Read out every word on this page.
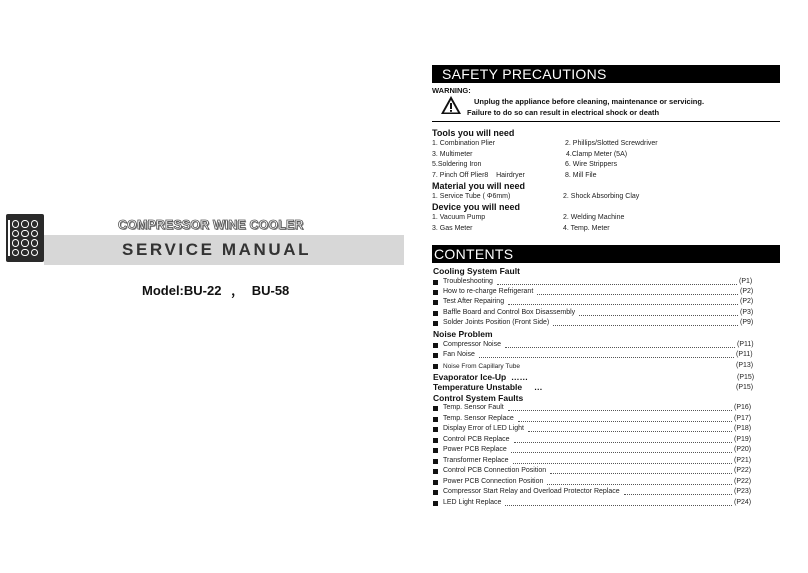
COMPRESSOR WINE COOLER
SERVICE MANUAL
Model:BU-22 ， BU-58
SAFETY PRECAUTIONS
WARNING:
Unplug the appliance before cleaning, maintenance or servicing.
Failure to do so can result in electrical shock or death
Tools you will need
1. Combination Plier	2. Phillips/Slotted Screwdriver
3. Multimeter	4.Clamp Meter (5A)
5.Soldering Iron	6. Wire Strippers
7. Pinch Off Plier8    Hairdryer	8. Mill File
Material you will need
1. Service Tube ( Φ6mm)	2. Shock Absorbing Clay
Device you will need
1. Vacuum Pump	2. Welding Machine
3. Gas Meter	4. Temp. Meter
CONTENTS
Cooling System Fault
Troubleshooting	(P1)
How to re-charge Refrigerant	(P2)
Test After Repairing	(P2)
Baffle Board and Control Box Disassembly	(P3)
Solder Joints Position (Front Side)	(P9)
Noise Problem
Compressor Noise	(P11)
Fan Noise	(P11)
Noise From Capillary Tube	(P13)
Evaporator Ice-Up ……	(P15)
Temperature Unstable …	(P15)
Control System Faults
Temp. Sensor Fault	(P16)
Temp. Sensor Replace	(P17)
Display Error of LED Light	(P18)
Control PCB Replace	(P19)
Power PCB Replace	(P20)
Transformer Replace	(P21)
Control PCB Connection Position	(P22)
Power PCB Connection Position	(P22)
Compressor Start Relay and Overload Protector Replace	(P23)
LED Light Replace	(P24)
